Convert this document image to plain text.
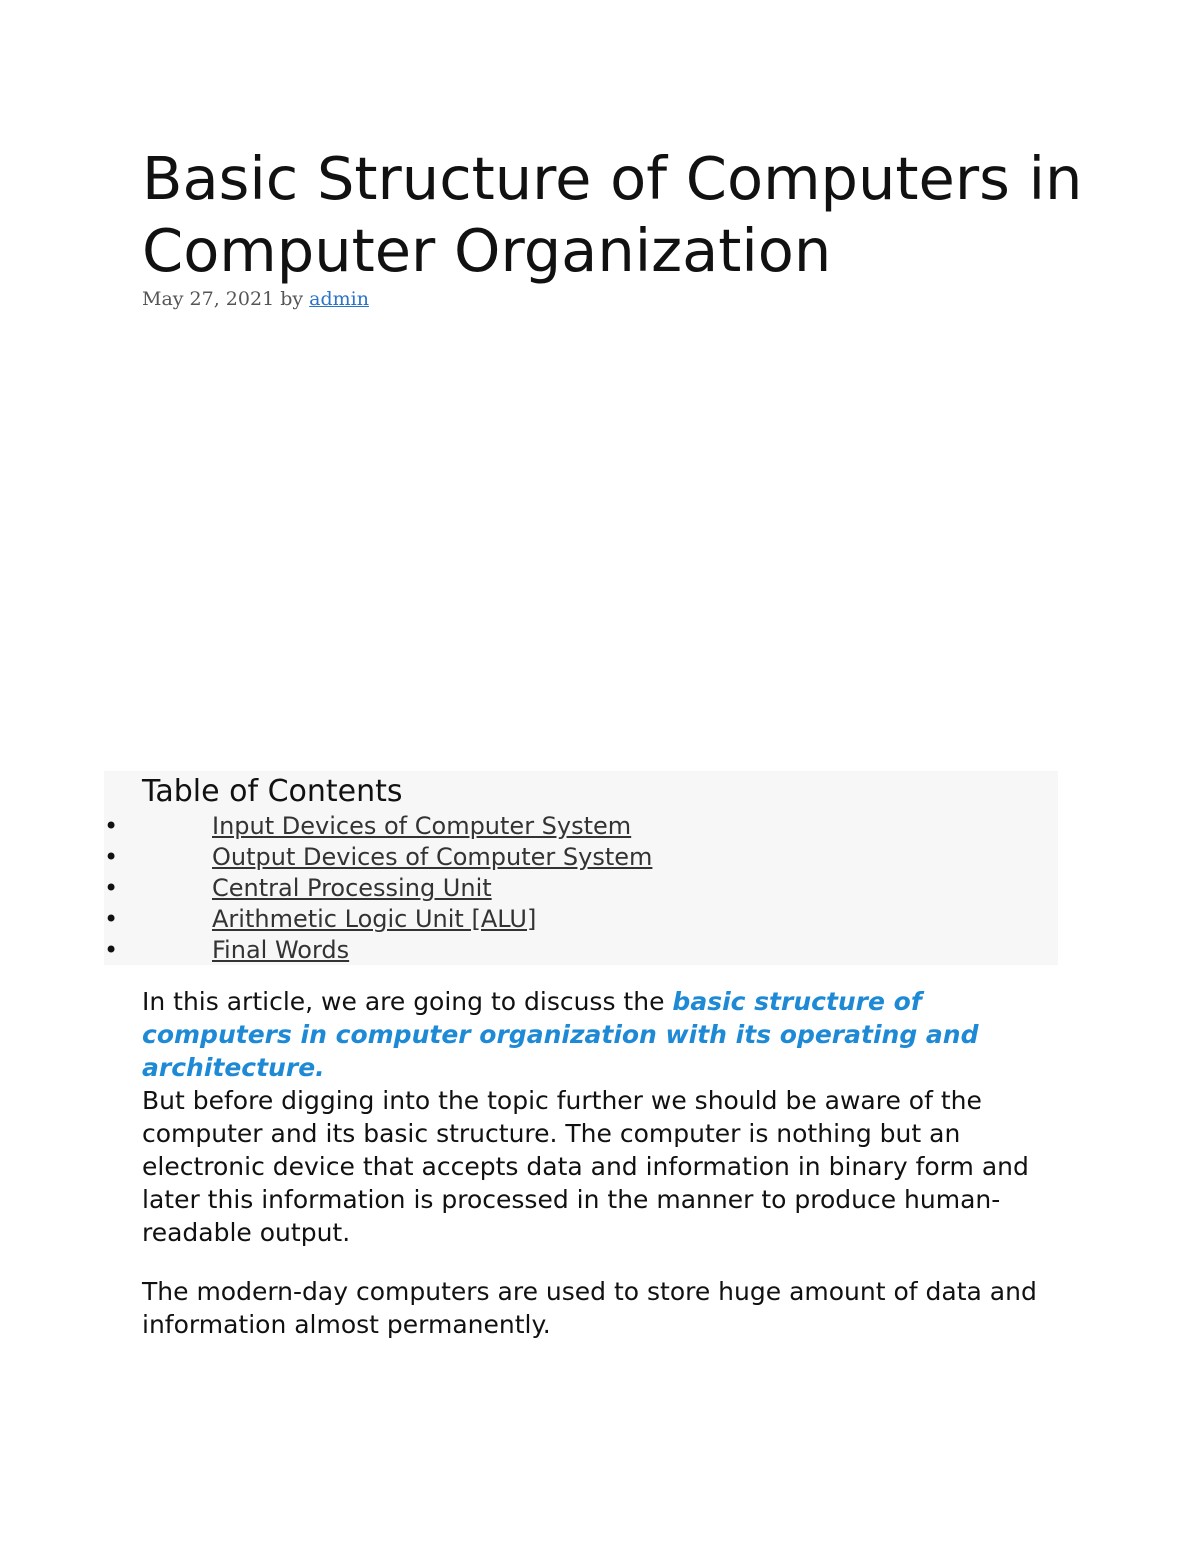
Basic Structure of Computers in Computer Organization
May 27, 2021 by admin
Table of Contents
•	Input Devices of Computer System
•	Output Devices of Computer System
•	Central Processing Unit
•	Arithmetic Logic Unit [ALU]
•	Final Words

In this article, we are going to discuss the basic structure of computers in computer organization with its operating and architecture.

But before digging into the topic further we should be aware of the computer and its basic structure. The computer is nothing but an electronic device that accepts data and information in binary form and later this information is processed in the manner to produce human-readable output.

The modern-day computers are used to store huge amount of data and information almost permanently.
